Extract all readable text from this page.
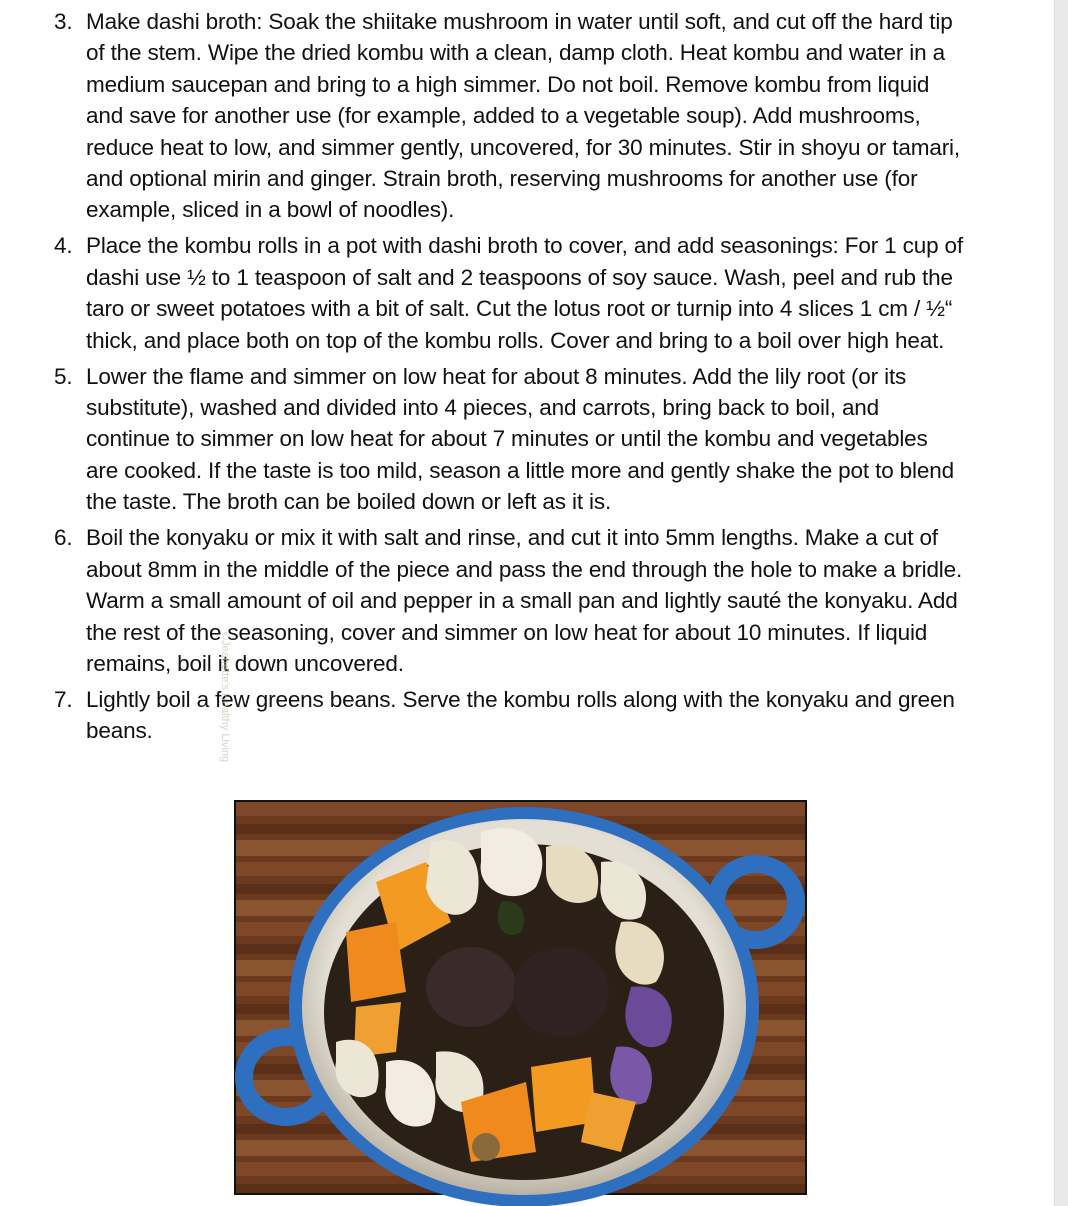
3. Make dashi broth: Soak the shiitake mushroom in water until soft, and cut off the hard tip of the stem. Wipe the dried kombu with a clean, damp cloth. Heat kombu and water in a medium saucepan and bring to a high simmer. Do not boil. Remove kombu from liquid and save for another use (for example, added to a vegetable soup). Add mushrooms, reduce heat to low, and simmer gently, uncovered, for 30 minutes. Stir in shoyu or tamari, and optional mirin and ginger. Strain broth, reserving mushrooms for another use (for example, sliced in a bowl of noodles).
4. Place the kombu rolls in a pot with dashi broth to cover, and add seasonings: For 1 cup of dashi use ½ to 1 teaspoon of salt and 2 teaspoons of soy sauce. Wash, peel and rub the taro or sweet potatoes with a bit of salt. Cut the lotus root or turnip into 4 slices 1 cm / ½“ thick, and place both on top of the kombu rolls. Cover and bring to a boil over high heat.
5. Lower the flame and simmer on low heat for about 8 minutes. Add the lily root (or its substitute), washed and divided into 4 pieces, and carrots, bring back to boil, and continue to simmer on low heat for about 7 minutes or until the kombu and vegetables are cooked. If the taste is too mild, season a little more and gently shake the pot to blend the taste. The broth can be boiled down or left as it is.
6. Boil the konyaku or mix it with salt and rinse, and cut it into 5mm lengths. Make a cut of about 8mm in the middle of the piece and pass the end through the hole to make a bridle. Warm a small amount of oil and pepper in a small pan and lightly sauté the konyaku. Add the rest of the seasoning, cover and simmer on low heat for about 10 minutes. If liquid remains, boil it down uncovered.
7. Lightly boil a few greens beans. Serve the kombu rolls along with the konyaku and green beans.	©Jeanette's Healthy Living
